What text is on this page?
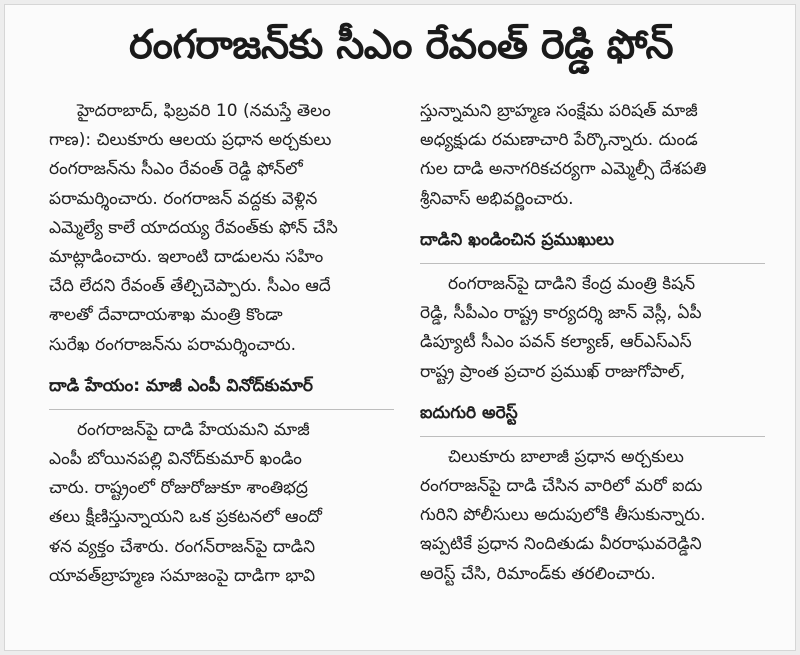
రంగరాజన్‌కు సీఎం రేవంత్ రెడ్డి ఫోన్
హైదరాబాద్, ఫిబ్రవరి 10 (నమస్తే తెలం
గాణ): చిలుకూరు ఆలయ ప్రధాన అర్చకులు
రంగరాజన్‌ను సీఎం రేవంత్ రెడ్డి ఫోన్‌లో
పరామర్శించారు. రంగరాజన్ వద్దకు వెళ్లిన
ఎమ్మెల్యే కాలే యాదయ్య రేవంత్‌కు ఫోన్ చేసి
మాట్లాడించారు. ఇలాంటి దాడులను సహిం
చేది లేదని రేవంత్ తేల్చిచెప్పారు. సీఎం ఆదే
శాలతో దేవాదాయశాఖ మంత్రి కొండా
సురేఖ రంగరాజన్‌ను పరామర్శించారు.
దాడి హేయం: మాజీ ఎంపీ వినోద్‌కుమార్
రంగరాజన్‌పై దాడి హేయమని మాజీ
ఎంపీ బోయినపల్లి వినోద్‌కుమార్ ఖండిం
చారు. రాష్ట్రంలో రోజురోజుకూ శాంతిభద్ర
తలు క్షీణిస్తున్నాయని ఒక ప్రకటనలో ఆందో
ళన వ్యక్తం చేశారు. రంగన్‌రాజన్‌పై దాడిని
యావత్‌బ్రాహ్మణ సమాజంపై దాడిగా భావి
స్తున్నామని బ్రాహ్మణ సంక్షేమ పరిషత్ మాజీ
అధ్యక్షుడు రమణాచారి పేర్కొన్నారు. దుండ
గుల దాడి అనాగరికచర్యగా ఎమ్మెల్సీ దేశపతి
శ్రీనివాస్ అభివర్ణించారు.
దాడిని ఖండించిన ప్రముఖులు
రంగరాజన్‌పై దాడిని కేంద్ర మంత్రి కిషన్
రెడ్డి, సీపీఎం రాష్ట్ర కార్యదర్శి జాన్ వెస్లీ, ఏపీ
డిప్యూటీ సీఎం పవన్ కల్యాణ్, ఆర్‌ఎస్‌ఎస్
రాష్ట్ర ప్రాంత ప్రచార ప్రముఖ్ రాజుగోపాల్,
ఐదుగురి అరెస్ట్
చిలుకూరు బాలాజీ ప్రధాన అర్చకులు
రంగరాజన్‌పై దాడి చేసిన వారిలో మరో ఐదు
గురిని పోలీసులు అదుపులోకి తీసుకున్నారు.
ఇప్పటికే ప్రధాన నిందితుడు వీరరాఘవరెడ్డిని
అరెస్ట్ చేసి, రిమాండ్‌కు తరలించారు.
